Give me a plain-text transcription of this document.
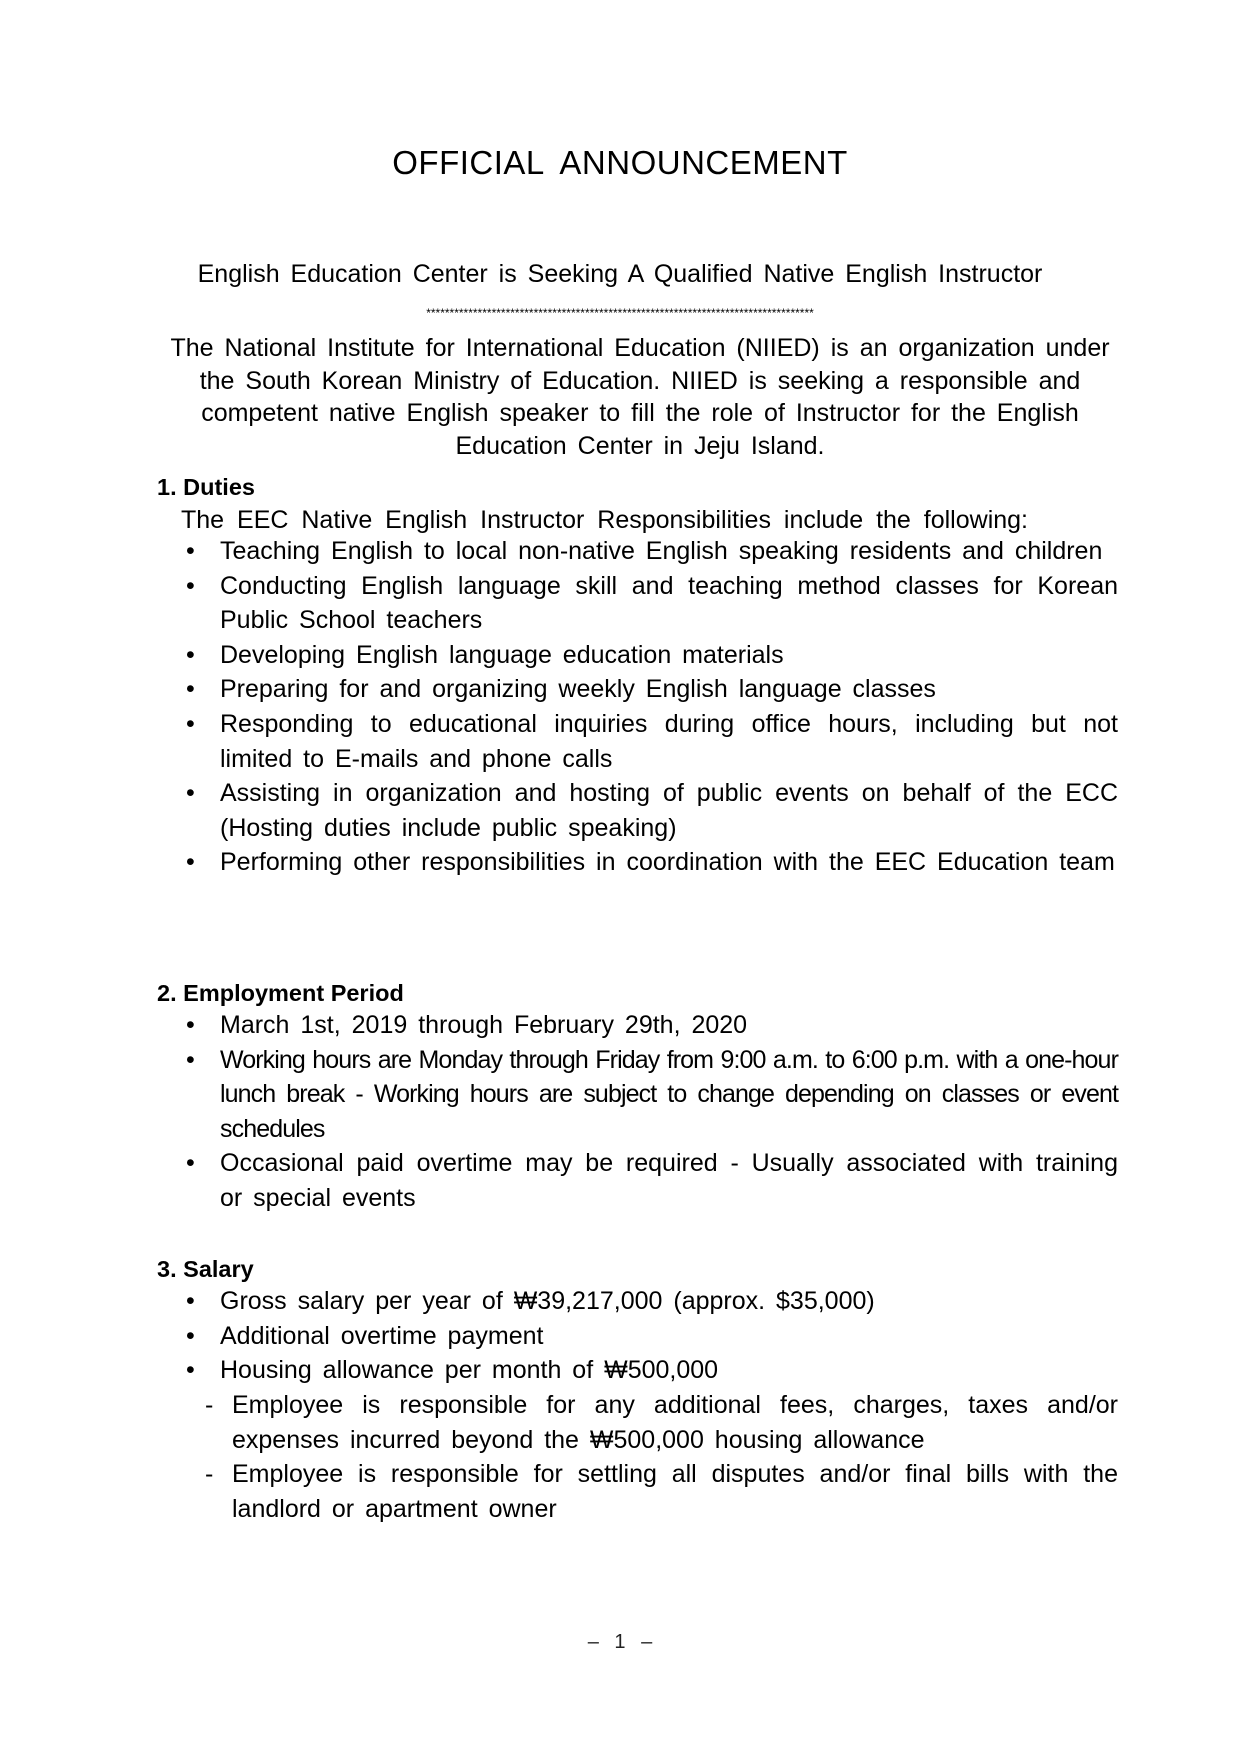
OFFICIAL ANNOUNCEMENT
English Education Center is Seeking A Qualified Native English Instructor
***********************************************************************************
The National Institute for International Education (NIIED) is an organization under the South Korean Ministry of Education. NIIED is seeking a responsible and competent native English speaker to fill the role of Instructor for the English Education Center in Jeju Island.
1. Duties
The EEC Native English Instructor Responsibilities include the following:
• Teaching English to local non-native English speaking residents and children
• Conducting English language skill and teaching method classes for Korean Public School teachers
• Developing English language education materials
• Preparing for and organizing weekly English language classes
• Responding to educational inquiries during office hours, including but not limited to E-mails and phone calls
• Assisting in organization and hosting of public events on behalf of the ECC (Hosting duties include public speaking)
• Performing other responsibilities in coordination with the EEC Education team
2. Employment Period
• March 1st, 2019 through February 29th, 2020
• Working hours are Monday through Friday from 9:00 a.m. to 6:00 p.m. with a one-hour lunch break - Working hours are subject to change depending on classes or event schedules
• Occasional paid overtime may be required - Usually associated with training or special events
3. Salary
• Gross salary per year of ₩39,217,000 (approx. $35,000)
• Additional overtime payment
• Housing allowance per month of ₩500,000
- Employee is responsible for any additional fees, charges, taxes and/or expenses incurred beyond the ₩500,000 housing allowance
- Employee is responsible for settling all disputes and/or final bills with the landlord or apartment owner
– 1 –
